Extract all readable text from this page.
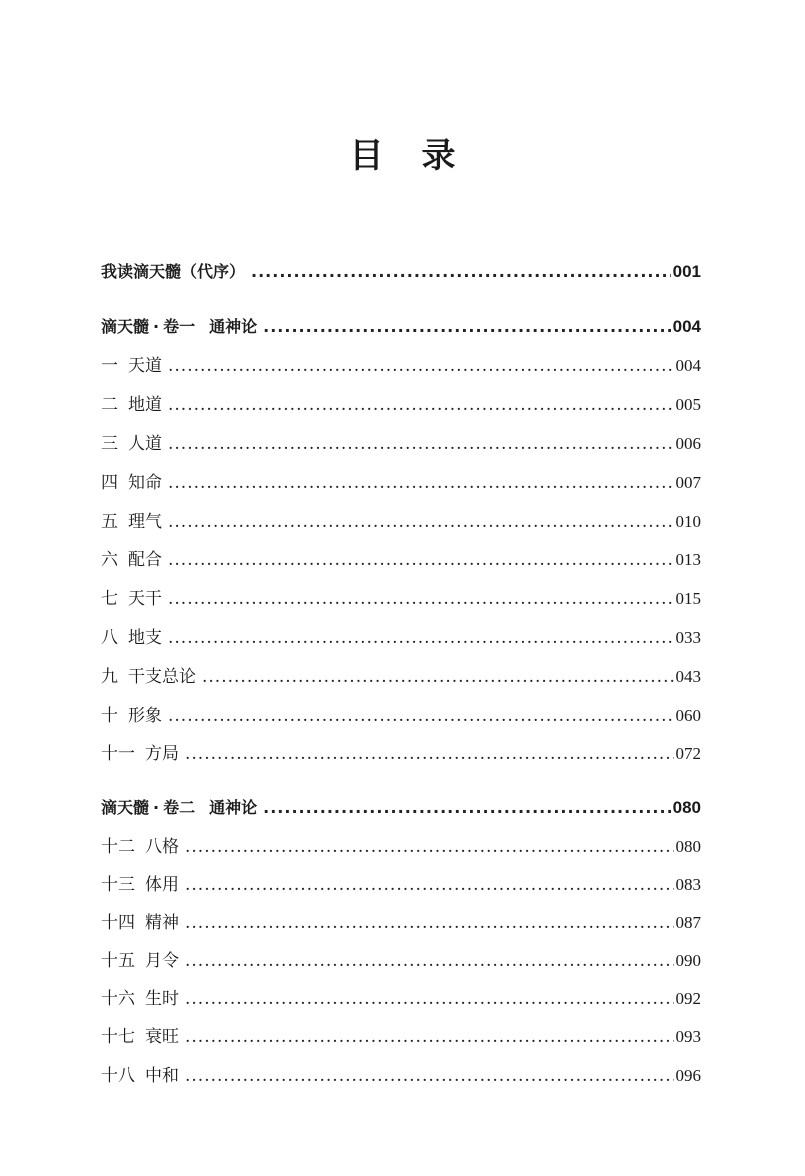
目 录
我读滴天髓（代序） .....	001
滴天髓 · 卷一 通神论 .....	004
一 天道 .....	004
二 地道 .....	005
三 人道 .....	006
四 知命 .....	007
五 理气 .....	010
六 配合 .....	013
七 天干 .....	015
八 地支 .....	033
九 干支总论 .....	043
十 形象 .....	060
十一 方局 .....	072
滴天髓 · 卷二 通神论 .....	080
十二 八格 .....	080
十三 体用 .....	083
十四 精神 .....	087
十五 月令 .....	090
十六 生时 .....	092
十七 衰旺 .....	093
十八 中和 .....	096
